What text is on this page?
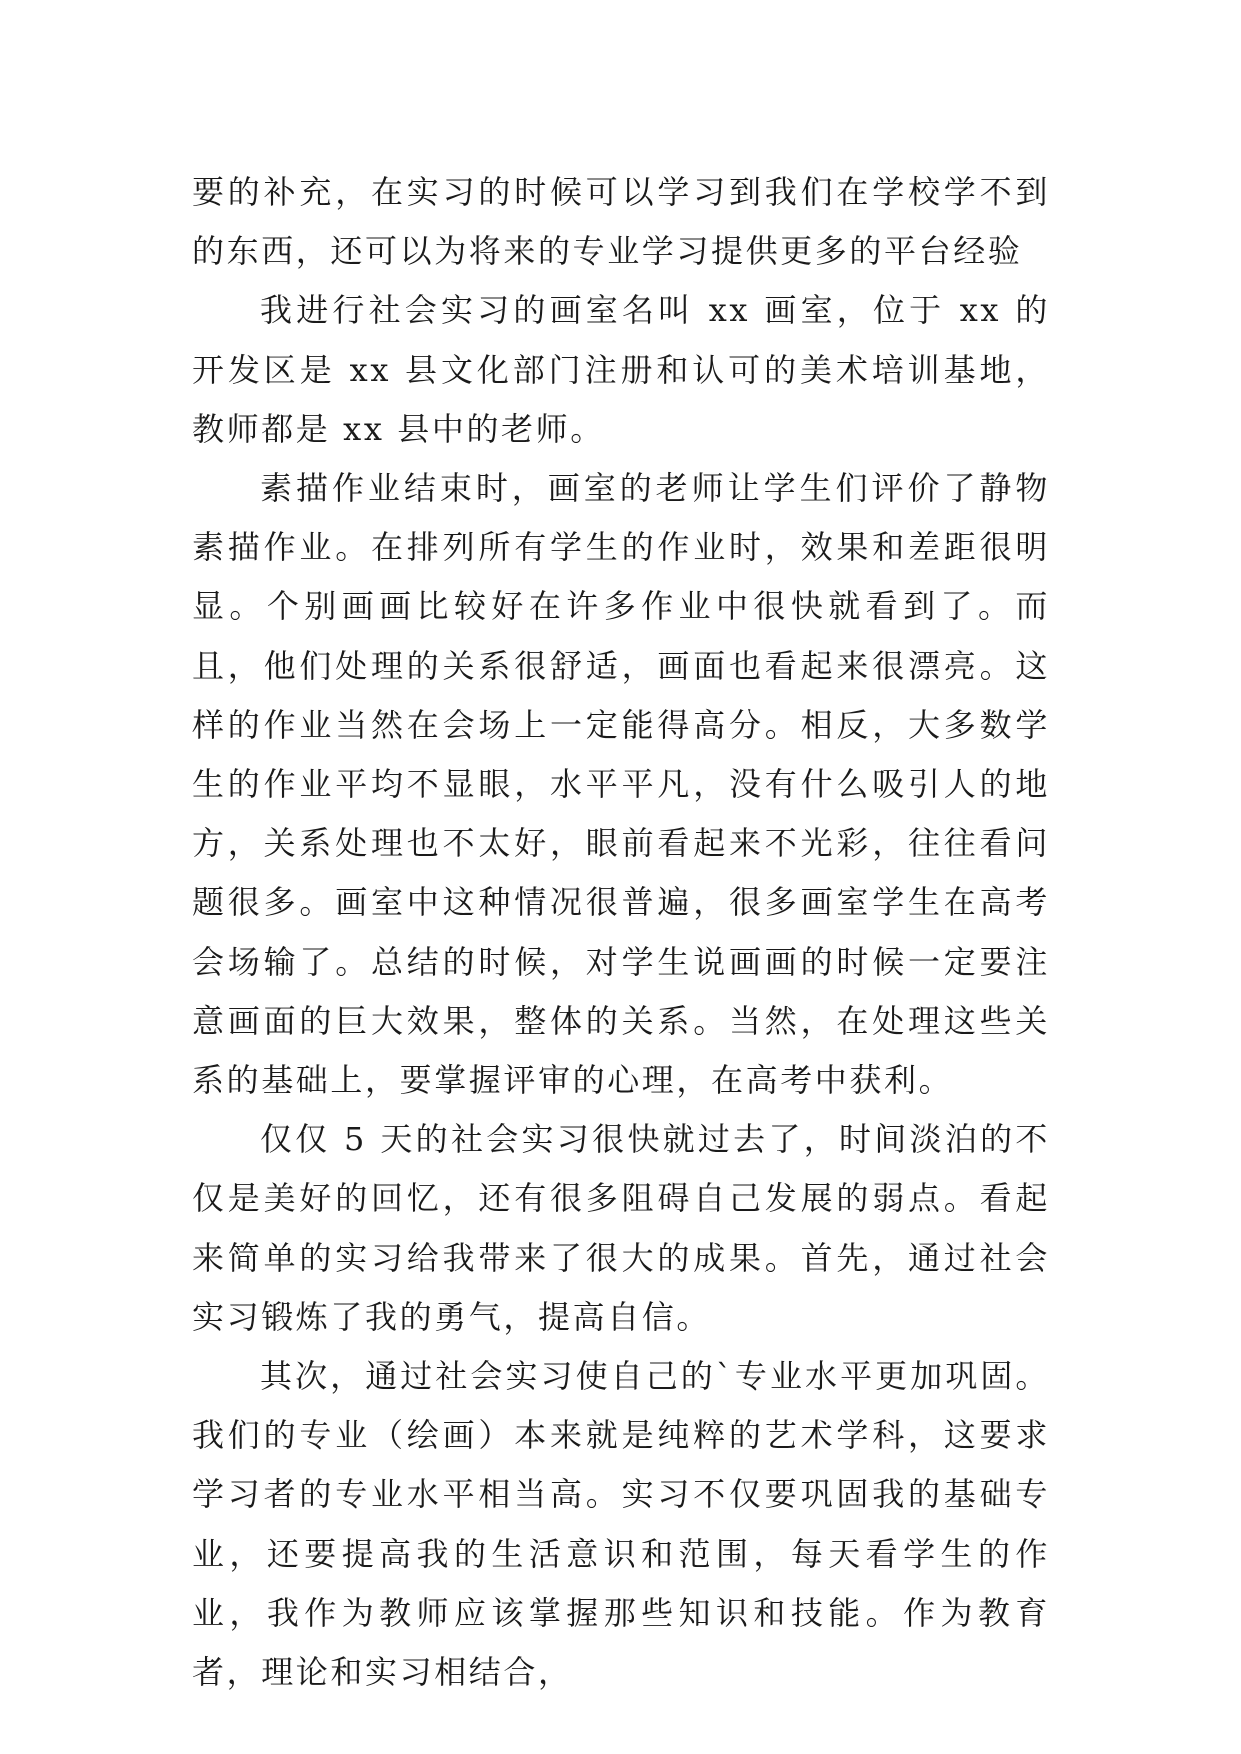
要的补充，在实习的时候可以学习到我们在学校学不到的东西，还可以为将来的专业学习提供更多的平台经验

我进行社会实习的画室名叫 xx 画室，位于 xx 的开发区是 xx 县文化部门注册和认可的美术培训基地，教师都是 xx 县中的老师。

素描作业结束时，画室的老师让学生们评价了静物素描作业。在排列所有学生的作业时，效果和差距很明显。个别画画比较好在许多作业中很快就看到了。而且，他们处理的关系很舒适，画面也看起来很漂亮。这样的作业当然在会场上一定能得高分。相反，大多数学生的作业平均不显眼，水平平凡，没有什么吸引人的地方，关系处理也不太好，眼前看起来不光彩，往往看问题很多。画室中这种情况很普遍，很多画室学生在高考会场输了。总结的时候，对学生说画画的时候一定要注意画面的巨大效果，整体的关系。当然，在处理这些关系的基础上，要掌握评审的心理，在高考中获利。

仅仅 5 天的社会实习很快就过去了，时间淡泊的不仅是美好的回忆，还有很多阻碍自己发展的弱点。看起来简单的实习给我带来了很大的成果。首先，通过社会实习锻炼了我的勇气，提高自信。

其次，通过社会实习使自己的`专业水平更加巩固。我们的专业（绘画）本来就是纯粹的艺术学科，这要求学习者的专业水平相当高。实习不仅要巩固我的基础专业，还要提高我的生活意识和范围，每天看学生的作业，我作为教师应该掌握那些知识和技能。作为教育者，理论和实习相结合，
